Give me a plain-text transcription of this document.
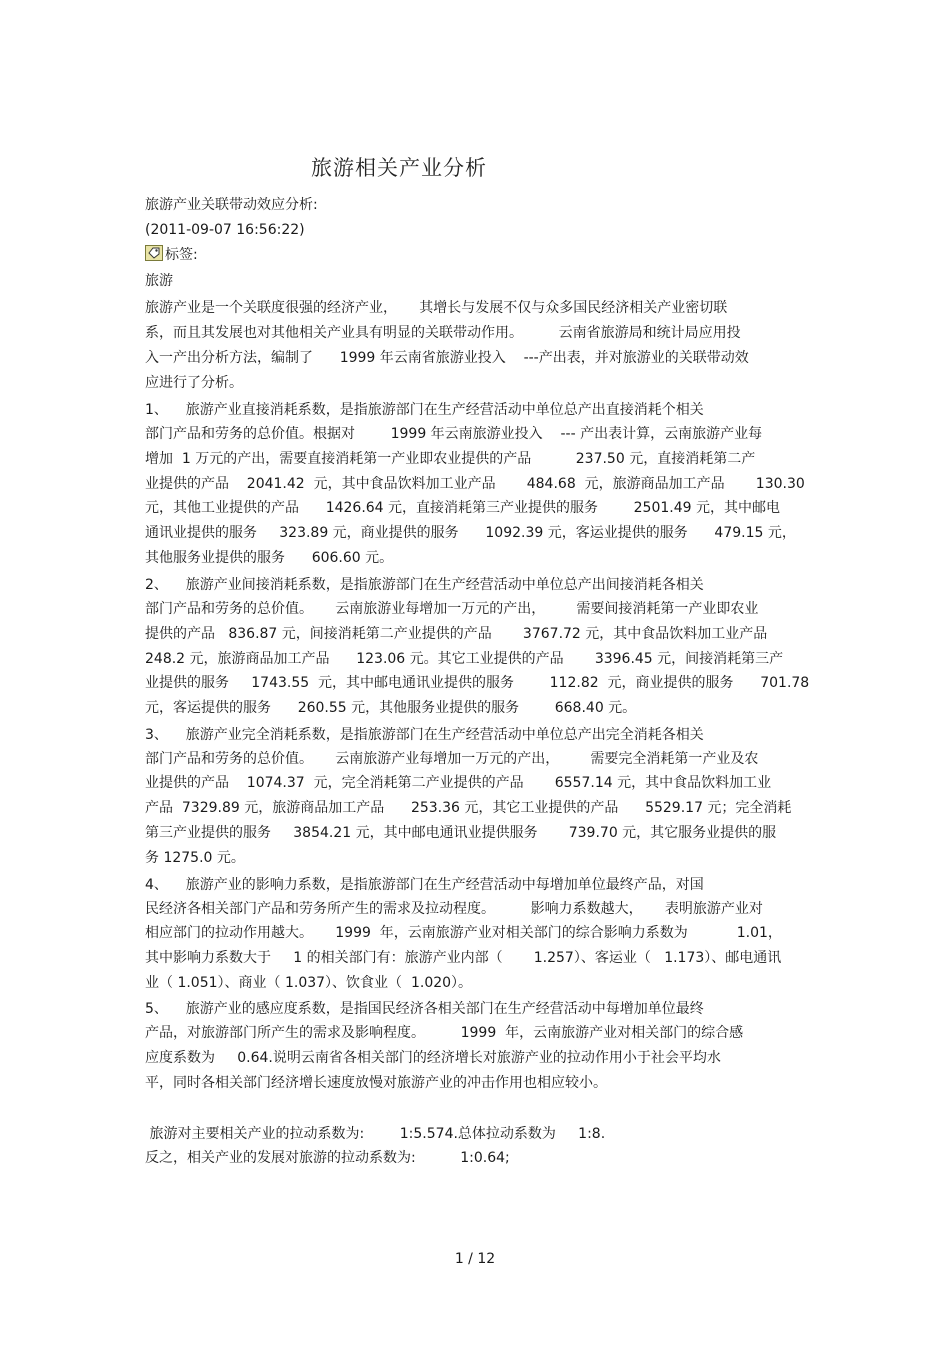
旅游相关产业分析
旅游产业关联带动效应分析:
(2011-09-07 16:56:22)
标签:
旅游
旅游产业是一个关联度很强的经济产业，     其增长与发展不仅与众多国民经济相关产业密切联
系，而且其发展也对其他相关产业具有明显的关联带动作用。        云南省旅游局和统计局应用投
入一产出分析方法，编制了      1999 年云南省旅游业投入    ---产出表，并对旅游业的关联带动效
应进行了分析。
1、    旅游产业直接消耗系数，是指旅游部门在生产经营活动中单位总产出直接消耗个相关
部门产品和劳务的总价值。根据对        1999 年云南旅游业投入    --- 产出表计算，云南旅游产业每
增加  1 万元的产出，需要直接消耗第一产业即农业提供的产品          237.50 元，直接消耗第二产
业提供的产品    2041.42  元，其中食品饮料加工业产品       484.68  元，旅游商品加工产品       130.30
元，其他工业提供的产品      1426.64 元，直接消耗第三产业提供的服务        2501.49 元，其中邮电
通讯业提供的服务     323.89 元，商业提供的服务      1092.39 元，客运业提供的服务      479.15 元，
其他服务业提供的服务      606.60 元。
2、    旅游产业间接消耗系数，是指旅游部门在生产经营活动中单位总产出间接消耗各相关
部门产品和劳务的总价值。     云南旅游业每增加一万元的产出，       需要间接消耗第一产业即农业
提供的产品   836.87 元，间接消耗第二产业提供的产品       3767.72 元，其中食品饮料加工业产品
248.2 元，旅游商品加工产品      123.06 元。其它工业提供的产品       3396.45 元，间接消耗第三产
业提供的服务     1743.55  元，其中邮电通讯业提供的服务        112.82  元，商业提供的服务      701.78
元，客运提供的服务      260.55 元，其他服务业提供的服务        668.40 元。
3、    旅游产业完全消耗系数，是指旅游部门在生产经营活动中单位总产出完全消耗各相关
部门产品和劳务的总价值。     云南旅游产业每增加一万元的产出，       需要完全消耗第一产业及农
业提供的产品    1074.37  元，完全消耗第二产业提供的产品       6557.14 元，其中食品饮料加工业
产品  7329.89 元，旅游商品加工产品      253.36 元，其它工业提供的产品      5529.17 元；完全消耗
第三产业提供的服务     3854.21 元，其中邮电通讯业提供服务       739.70 元，其它服务业提供的服
务 1275.0 元。
4、    旅游产业的影响力系数，是指旅游部门在生产经营活动中每增加单位最终产品，对国
民经济各相关部门产品和劳务所产生的需求及拉动程度。        影响力系数越大，     表明旅游产业对
相应部门的拉动作用越大。     1999  年，云南旅游产业对相关部门的综合影响力系数为           1.01，
其中影响力系数大于     1 的相关部门有：旅游产业内部（       1.257）、客运业（   1.173）、邮电通讯
业（ 1.051）、商业（ 1.037）、饮食业（  1.020）。
5、    旅游产业的感应度系数，是指国民经济各相关部门在生产经营活动中每增加单位最终
产品，对旅游部门所产生的需求及影响程度。        1999  年，云南旅游产业对相关部门的综合感
应度系数为     0.64.说明云南省各相关部门的经济增长对旅游产业的拉动作用小于社会平均水
平，同时各相关部门经济增长速度放慢对旅游产业的冲击作用也相应较小。
旅游对主要相关产业的拉动系数为:        1:5.574.总体拉动系数为     1:8.
反之，相关产业的发展对旅游的拉动系数为:          1:0.64;
1 / 12
